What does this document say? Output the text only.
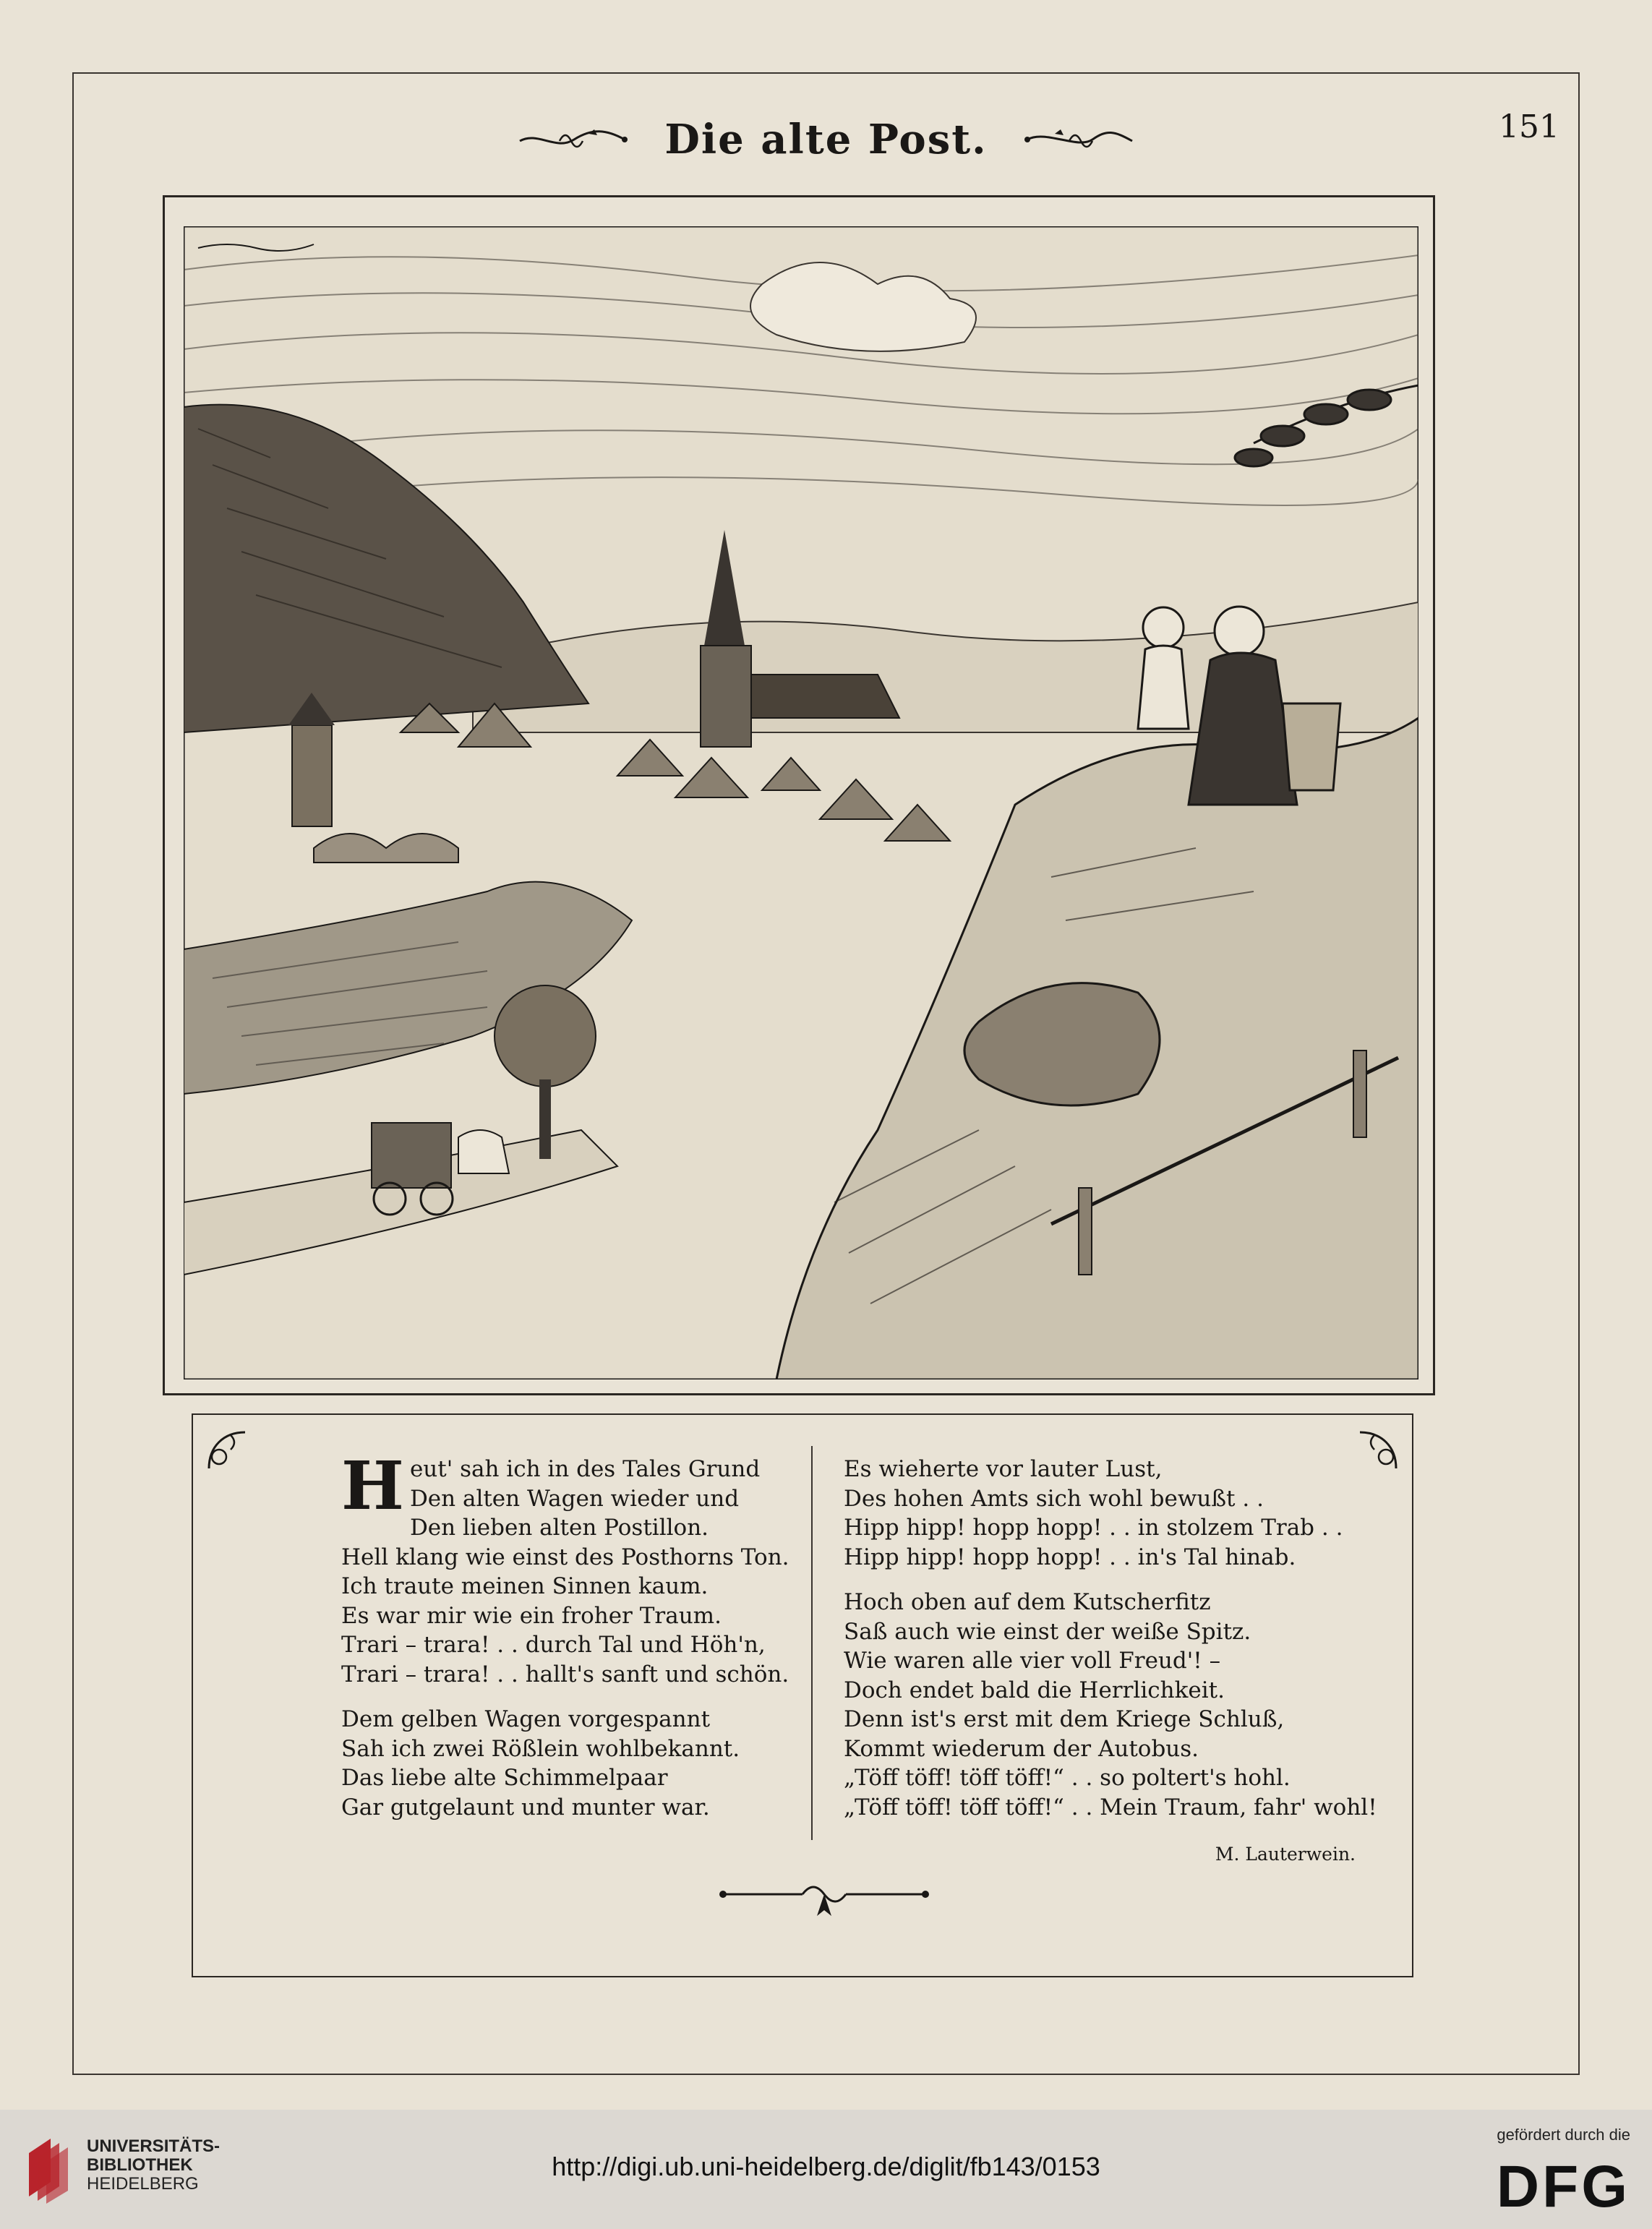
Die alte Post.	151
H eut' sah ich in des Tales Grund
Den alten Wagen wieder und
Den lieben alten Postillon.
Hell klang wie einst des Posthorns Ton.
Ich traute meinen Sinnen kaum.
Es war mir wie ein froher Traum.
Trari – trara! . . durch Tal und Höh'n,
Trari – trara! . . hallt's sanft und schön.
Dem gelben Wagen vorgespannt
Sah ich zwei Rößlein wohlbekannt.
Das liebe alte Schimmelpaar
Gar gutgelaunt und munter war.
Es wieherte vor lauter Lust,
Des hohen Amts sich wohl bewußt . .
Hipp hipp! hopp hopp! . . in stolzem Trab . .
Hipp hipp! hopp hopp! . . in's Tal hinab.
Hoch oben auf dem Kutscherfitz
Saß auch wie einst der weiße Spitz.
Wie waren alle vier voll Freud'! –
Doch endet bald die Herrlichkeit.
Denn ist's erst mit dem Kriege Schluß,
Kommt wiederum der Autobus.
„Töff töff! töff töff!“ . . so poltert's hohl.
„Töff töff! töff töff!“ . . Mein Traum, fahr' wohl!
M. Lauterwein.
UNIVERSITÄTS-
BIBLIOTHEK
HEIDELBERG
http://digi.ub.uni-heidelberg.de/diglit/fb143/0153
gefördert durch die
DFG
